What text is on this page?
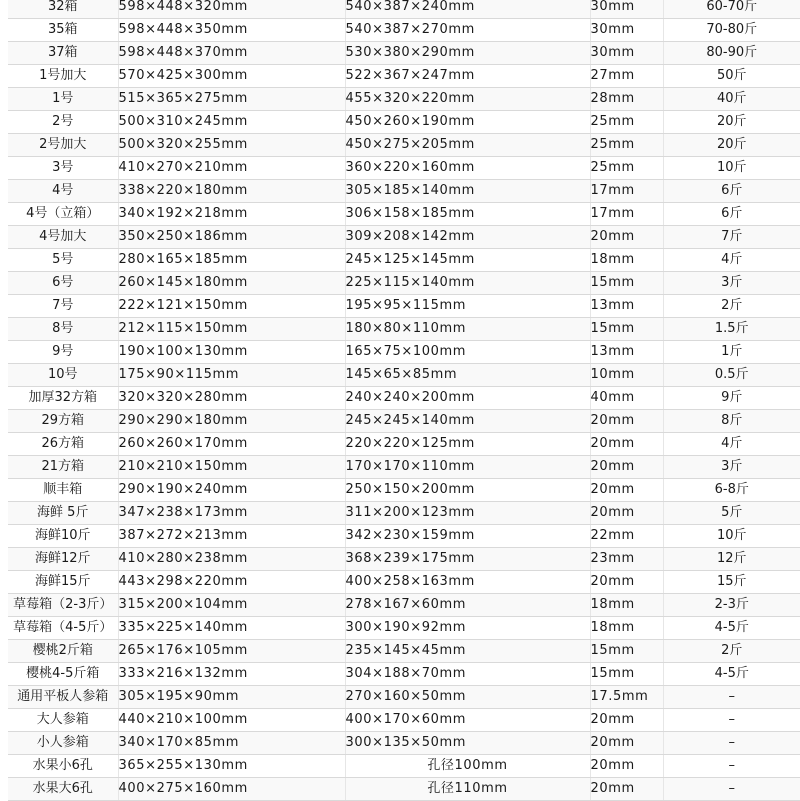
32箱	598×448×320mm	540×387×240mm	30mm	60-70斤
35箱	598×448×350mm	540×387×270mm	30mm	70-80斤
37箱	598×448×370mm	530×380×290mm	30mm	80-90斤
1号加大	570×425×300mm	522×367×247mm	27mm	50斤
1号	515×365×275mm	455×320×220mm	28mm	40斤
2号	500×310×245mm	450×260×190mm	25mm	20斤
2号加大	500×320×255mm	450×275×205mm	25mm	20斤
3号	410×270×210mm	360×220×160mm	25mm	10斤
4号	338×220×180mm	305×185×140mm	17mm	6斤
4号（立箱）	340×192×218mm	306×158×185mm	17mm	6斤
4号加大	350×250×186mm	309×208×142mm	20mm	7斤
5号	280×165×185mm	245×125×145mm	18mm	4斤
6号	260×145×180mm	225×115×140mm	15mm	3斤
7号	222×121×150mm	195×95×115mm	13mm	2斤
8号	212×115×150mm	180×80×110mm	15mm	1.5斤
9号	190×100×130mm	165×75×100mm	13mm	1斤
10号	175×90×115mm	145×65×85mm	10mm	0.5斤
加厚32方箱	320×320×280mm	240×240×200mm	40mm	9斤
29方箱	290×290×180mm	245×245×140mm	20mm	8斤
26方箱	260×260×170mm	220×220×125mm	20mm	4斤
21方箱	210×210×150mm	170×170×110mm	20mm	3斤
顺丰箱	290×190×240mm	250×150×200mm	20mm	6-8斤
海鲜 5斤	347×238×173mm	311×200×123mm	20mm	5斤
海鲜10斤	387×272×213mm	342×230×159mm	22mm	10斤
海鲜12斤	410×280×238mm	368×239×175mm	23mm	12斤
海鲜15斤	443×298×220mm	400×258×163mm	20mm	15斤
草莓箱（2-3斤）	315×200×104mm	278×167×60mm	18mm	2-3斤
草莓箱（4-5斤）	335×225×140mm	300×190×92mm	18mm	4-5斤
樱桃2斤箱	265×176×105mm	235×145×45mm	15mm	2斤
樱桃4-5斤箱	333×216×132mm	304×188×70mm	15mm	4-5斤
通用平板人参箱	305×195×90mm	270×160×50mm	17.5mm	–
大人参箱	440×210×100mm	400×170×60mm	20mm	–
小人参箱	340×170×85mm	300×135×50mm	20mm	–
水果小6孔	365×255×130mm	孔径100mm	20mm	–
水果大6孔	400×275×160mm	孔径110mm	20mm	–
